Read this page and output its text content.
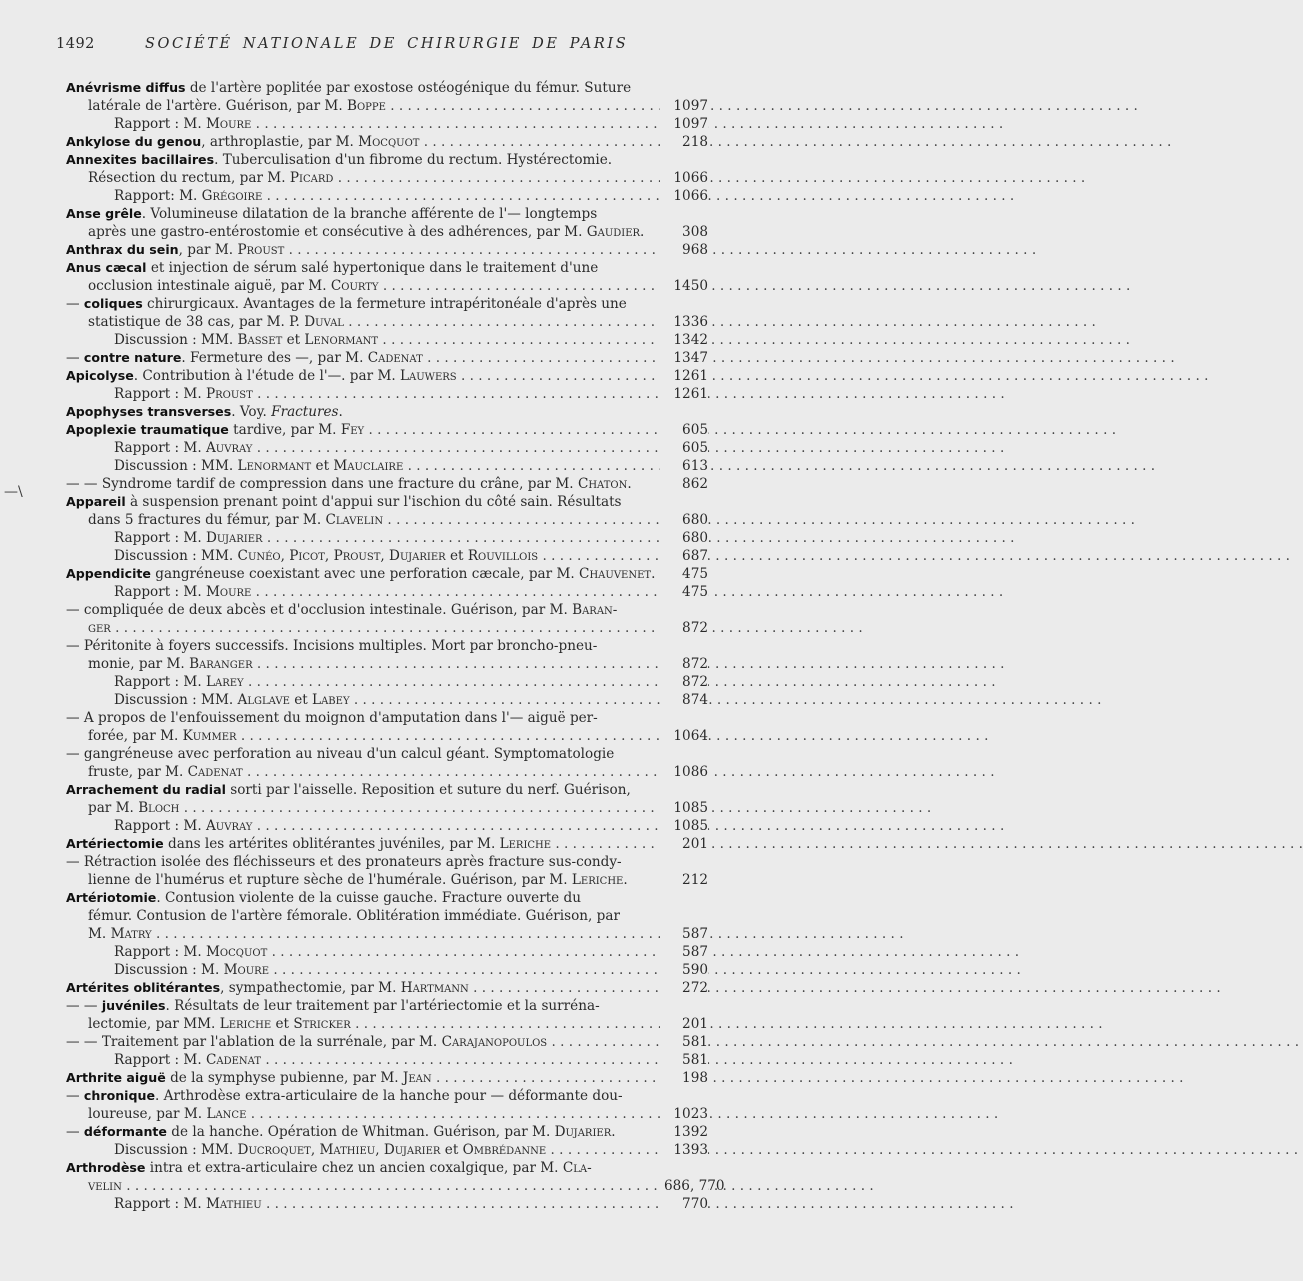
1492	SOCIÉTÉ NATIONALE DE CHIRURGIE DE PARIS
—\
Anévrisme diffus de l'artère poplitée par exostose ostéogénique du fémur. Suture
latérale de l'artère. Guérison, par M. Boppe	1097
. . .
Rapport : M. Moure	1097
. . .
Ankylose du genou, arthroplastie, par M. Mocquot	218
. . .
Annexites bacillaires. Tuberculisation d'un fibrome du rectum. Hystérectomie.
Résection du rectum, par M. Picard	1066
. . .
Rapport: M. Grégoire	1066
. . .
Anse grêle. Volumineuse dilatation de la branche afférente de l'— longtemps
après une gastro-entérostomie et consécutive à des adhérences, par M. Gaudier.	308
Anthrax du sein, par M. Proust	968
. . .
Anus cæcal et injection de sérum salé hypertonique dans le traitement d'une
occlusion intestinale aiguë, par M. Courty	1450
. . .
— coliques chirurgicaux. Avantages de la fermeture intrapéritonéale d'après une
statistique de 38 cas, par M. P. Duval	1336
. . .
Discussion : MM. Basset et Lenormant	1342
. . .
— contre nature. Fermeture des —, par M. Cadenat	1347
. . .
Apicolyse. Contribution à l'étude de l'—. par M. Lauwers	1261
. . .
Rapport : M. Proust	1261
. . .
Apophyses transverses. Voy. Fractures.
Apoplexie traumatique tardive, par M. Fey	605
. . .
Rapport : M. Auvray	605
. . .
Discussion : MM. Lenormant et Mauclaire	613
. . .
— — Syndrome tardif de compression dans une fracture du crâne, par M. Chaton.	862
Appareil à suspension prenant point d'appui sur l'ischion du côté sain. Résultats
dans 5 fractures du fémur, par M. Clavelin	680
. . .
Rapport : M. Dujarier	680
. . .
Discussion : MM. Cunéo, Picot, Proust, Dujarier et Rouvillois	687
. . .
Appendicite gangréneuse coexistant avec une perforation cæcale, par M. Chauvenet.	475
Rapport : M. Moure	475
. . .
— compliquée de deux abcès et d'occlusion intestinale. Guérison, par M. Baran-
ger	872
. . .
— Péritonite à foyers successifs. Incisions multiples. Mort par broncho-pneu-
monie, par M. Baranger	872
. . .
Rapport : M. Larey	872
. . .
Discussion : MM. Alglave et Labey	874
. . .
— A propos de l'enfouissement du moignon d'amputation dans l'— aiguë per-
forée, par M. Kummer	1064
. . .
— gangréneuse avec perforation au niveau d'un calcul géant. Symptomatologie
fruste, par M. Cadenat	1086
. . .
Arrachement du radial sorti par l'aisselle. Reposition et suture du nerf. Guérison,
par M. Bloch	1085
. . .
Rapport : M. Auvray	1085
. . .
Artériectomie dans les artérites oblitérantes juvéniles, par M. Leriche	201
. . .
— Rétraction isolée des fléchisseurs et des pronateurs après fracture sus-condy-
lienne de l'humérus et rupture sèche de l'humérale. Guérison, par M. Leriche.	212
Artériotomie. Contusion violente de la cuisse gauche. Fracture ouverte du
fémur. Contusion de l'artère fémorale. Oblitération immédiate. Guérison, par
M. Matry	587
. . .
Rapport : M. Mocquot	587
. . .
Discussion : M. Moure	590
. . .
Artérites oblitérantes, sympathectomie, par M. Hartmann	272
. . .
— — juvéniles. Résultats de leur traitement par l'artériectomie et la surréna-
lectomie, par MM. Leriche et Stricker	201
. . .
— — Traitement par l'ablation de la surrénale, par M. Carajanopoulos	581
. . .
Rapport : M. Cadenat	581
. . .
Arthrite aiguë de la symphyse pubienne, par M. Jean	198
. . .
— chronique. Arthrodèse extra-articulaire de la hanche pour — déformante dou-
loureuse, par M. Lance	1023
. . .
— déformante de la hanche. Opération de Whitman. Guérison, par M. Dujarier.	1392
Discussion : MM. Ducroquet, Mathieu, Dujarier et Ombrédanne	1393
. . .
Arthrodèse intra et extra-articulaire chez un ancien coxalgique, par M. Cla-
velin	686, 770
. . .
Rapport : M. Mathieu	770
. . .
